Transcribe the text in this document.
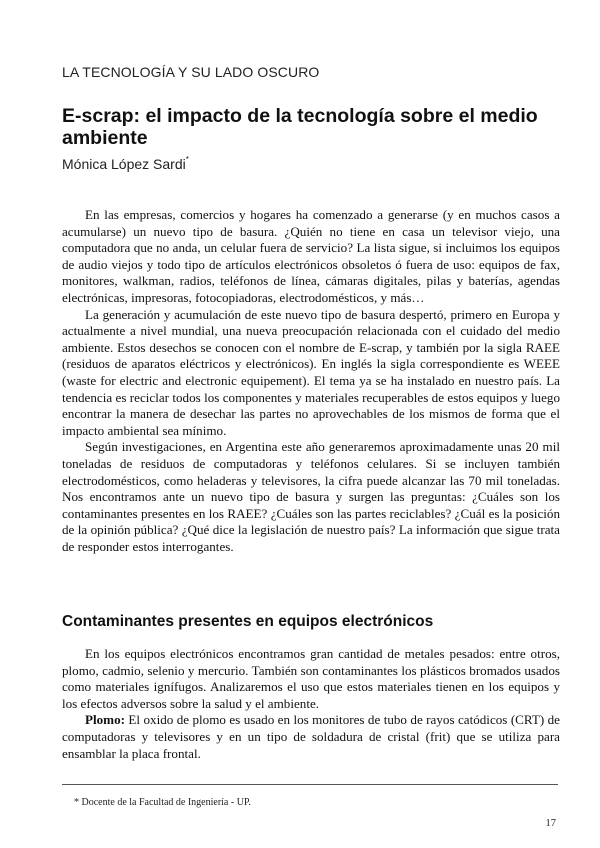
LA TECNOLOGÍA Y SU LADO OSCURO
E-scrap: el impacto de la tecnología sobre el medio ambiente
Mónica López Sardi*

En las empresas, comercios y hogares ha comenzado a generarse (y en muchos casos a acumularse) un nuevo tipo de basura. ¿Quién no tiene en casa un televisor viejo, una computadora que no anda, un celular fuera de servicio? La lista sigue, si incluimos los equipos de audio viejos y todo tipo de artículos electrónicos obsoletos ó fuera de uso: equipos de fax, monitores, walkman, radios, teléfonos de línea, cámaras digitales, pilas y baterías, agendas electrónicas, impresoras, fotocopiadoras, electrodomésticos, y más…

La generación y acumulación de este nuevo tipo de basura despertó, primero en Europa y actualmente a nivel mundial, una nueva preocupación relacionada con el cuidado del medio ambiente. Estos desechos se conocen con el nombre de E-scrap, y también por la sigla RAEE (residuos de aparatos eléctricos y electrónicos). En inglés la sigla correspondiente es WEEE (waste for electric and electronic equipement). El tema ya se ha instalado en nuestro país. La tendencia es reciclar todos los componentes y materiales recuperables de estos equipos y luego encontrar la manera de desechar las partes no aprovechables de los mismos de forma que el impacto ambiental sea mínimo.

Según investigaciones, en Argentina este año generaremos aproximadamente unas 20 mil toneladas de residuos de computadoras y teléfonos celulares. Si se incluyen también electrodomésticos, como heladeras y televisores, la cifra puede alcanzar las 70 mil toneladas. Nos encontramos ante un nuevo tipo de basura y surgen las preguntas: ¿Cuáles son los contaminantes presentes en los RAEE? ¿Cuáles son las partes reciclables? ¿Cuál es la posición de la opinión pública? ¿Qué dice la legislación de nuestro país? La información que sigue trata de responder estos interrogantes.

Contaminantes presentes en equipos electrónicos

En los equipos electrónicos encontramos gran cantidad de metales pesados: entre otros, plomo, cadmio, selenio y mercurio. También son contaminantes los plásticos bromados usados como materiales ignífugos. Analizaremos el uso que estos materiales tienen en los equipos y los efectos adversos sobre la salud y el ambiente.

Plomo: El oxido de plomo es usado en los monitores de tubo de rayos catódicos (CRT) de computadoras y televisores y en un tipo de soldadura de cristal (frit) que se utiliza para ensamblar la placa frontal.

* Docente de la Facultad de Ingeniería - UP.
17
